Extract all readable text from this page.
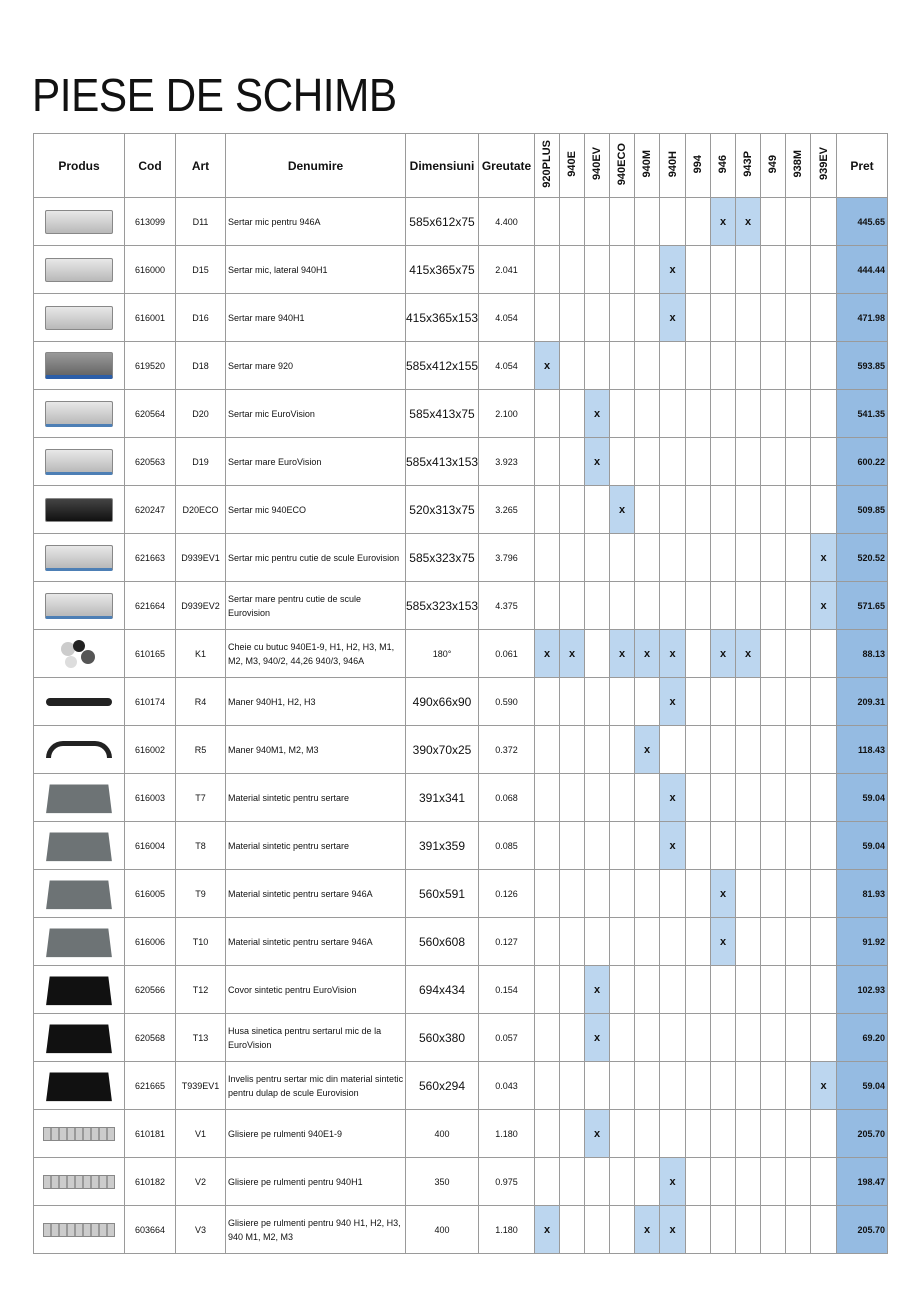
PIESE DE SCHIMB
Produs	Cod	Art	Denumire	Dimensiuni	Greutate	920PLUS	940E	940EV	940ECO	940M	940H	994	946	943P	949	938M	939EV	Pret

	613099	D11	Sertar mic pentru 946A	585x612x75	4.400								x	x				445.65

	616000	D15	Sertar mic, lateral 940H1	415x365x75	2.041						x							444.44

	616001	D16	Sertar mare 940H1	415x365x153	4.054						x							471.98

	619520	D18	Sertar mare 920	585x412x155	4.054	x												593.85

	620564	D20	Sertar mic EuroVision	585x413x75	2.100			x										541.35

	620563	D19	Sertar mare EuroVision	585x413x153	3.923			x										600.22

	620247	D20ECO	Sertar mic 940ECO	520x313x75	3.265				x									509.85

	621663	D939EV1	Sertar mic pentru cutie de scule Eurovision	585x323x75	3.796												x	520.52

	621664	D939EV2	Sertar mare pentru cutie de scule Eurovision	585x323x153	4.375												x	571.65

	610165	K1	Cheie cu butuc 940E1-9, H1, H2, H3, M1, M2, M3, 940/2, 44,26 940/3, 946A	180°	0.061	x	x		x	x	x		x	x				88.13

	610174	R4	Maner 940H1, H2, H3	490x66x90	0.590						x							209.31

	616002	R5	Maner 940M1, M2, M3	390x70x25	0.372					x								118.43

	616003	T7	Material sintetic pentru sertare	391x341	0.068						x							59.04

	616004	T8	Material sintetic pentru sertare	391x359	0.085						x							59.04

	616005	T9	Material sintetic pentru sertare 946A	560x591	0.126								x					81.93

	616006	T10	Material sintetic pentru sertare 946A	560x608	0.127								x					91.92

	620566	T12	Covor sintetic pentru EuroVision	694x434	0.154			x										102.93

	620568	T13	Husa sinetica pentru sertarul mic de la EuroVision	560x380	0.057			x										69.20

	621665	T939EV1	Invelis pentru sertar mic din material sintetic pentru dulap de scule Eurovision	560x294	0.043												x	59.04

	610181	V1	Glisiere pe rulmenti 940E1-9	400	1.180			x										205.70

	610182	V2	Glisiere pe rulmenti pentru 940H1	350	0.975						x							198.47

	603664	V3	Glisiere pe rulmenti pentru 940 H1, H2, H3, 940 M1, M2, M3	400	1.180	x				x	x							205.70
